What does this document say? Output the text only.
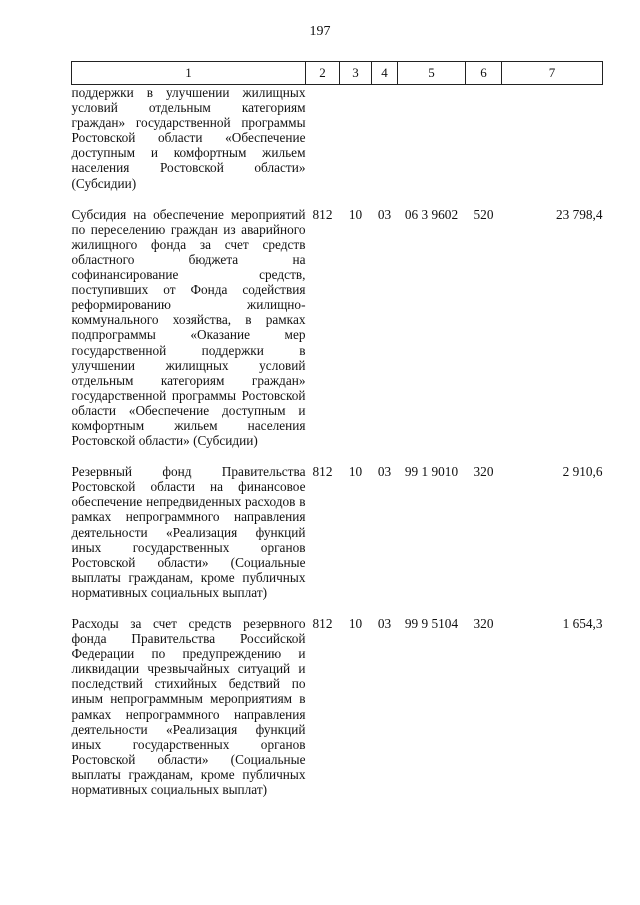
197
1	2	3	4	5	6	7
поддержки в улучшении жилищных условий отдельным категориям граждан» государственной программы Ростовской области «Обеспечение доступным и комфортным жильем населения Ростовской области» (Субсидии)						

Субсидия на обеспечение мероприятий по переселению граждан из аварийного жилищного фонда за счет средств областного бюджета на софинансирование средств, поступивших от Фонда содействия реформированию жилищно-коммунального хозяйства, в рамках подпрограммы «Оказание мер государственной поддержки в улучшении жилищных условий отдельным категориям граждан» государственной программы Ростовской области «Обеспечение доступным и комфортным жильем населения Ростовской области» (Субсидии)	812	10	03	06 3 9602	520	23 798,4

Резервный фонд Правительства Ростовской области на финансовое обеспечение непредвиденных расходов в рамках непрограммного направления деятельности «Реализация функций иных государственных органов Ростовской области» (Социальные выплаты гражданам, кроме публичных нормативных социальных выплат)	812	10	03	99 1 9010	320	2 910,6

Расходы за счет средств резервного фонда Правительства Российской Федерации по предупреждению и ликвидации чрезвычайных ситуаций и последствий стихийных бедствий по иным непрограммным мероприятиям в рамках непрограммного направления деятельности «Реализация функций иных государственных органов Ростовской области» (Социальные выплаты гражданам, кроме публичных нормативных социальных выплат)	812	10	03	99 9 5104	320	1 654,3
